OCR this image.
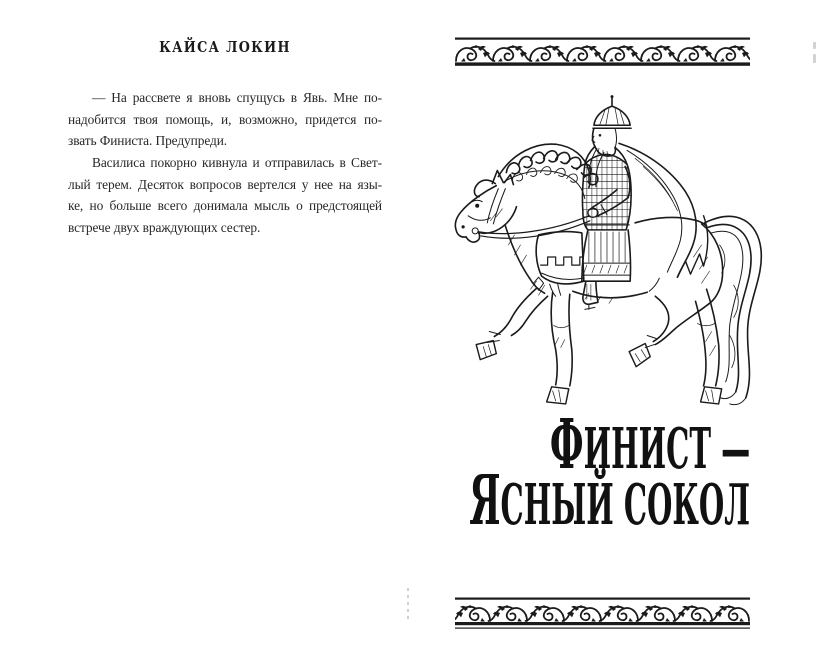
КАЙСА ЛОКИН
— На рассвете я вновь спущусь в Явь. Мне по-
надобится твоя помощь, и, возможно, придется по-
звать Финиста. Предупреди.
Василиса покорно кивнула и отправилась в Свет-
лый терем. Десяток вопросов вертелся у нее на язы-
ке, но больше всего донимала мысль о предстоящей
встрече двух враждующих сестер.
ФИНИСТ —
ЯСНЫЙ СОКОЛ
